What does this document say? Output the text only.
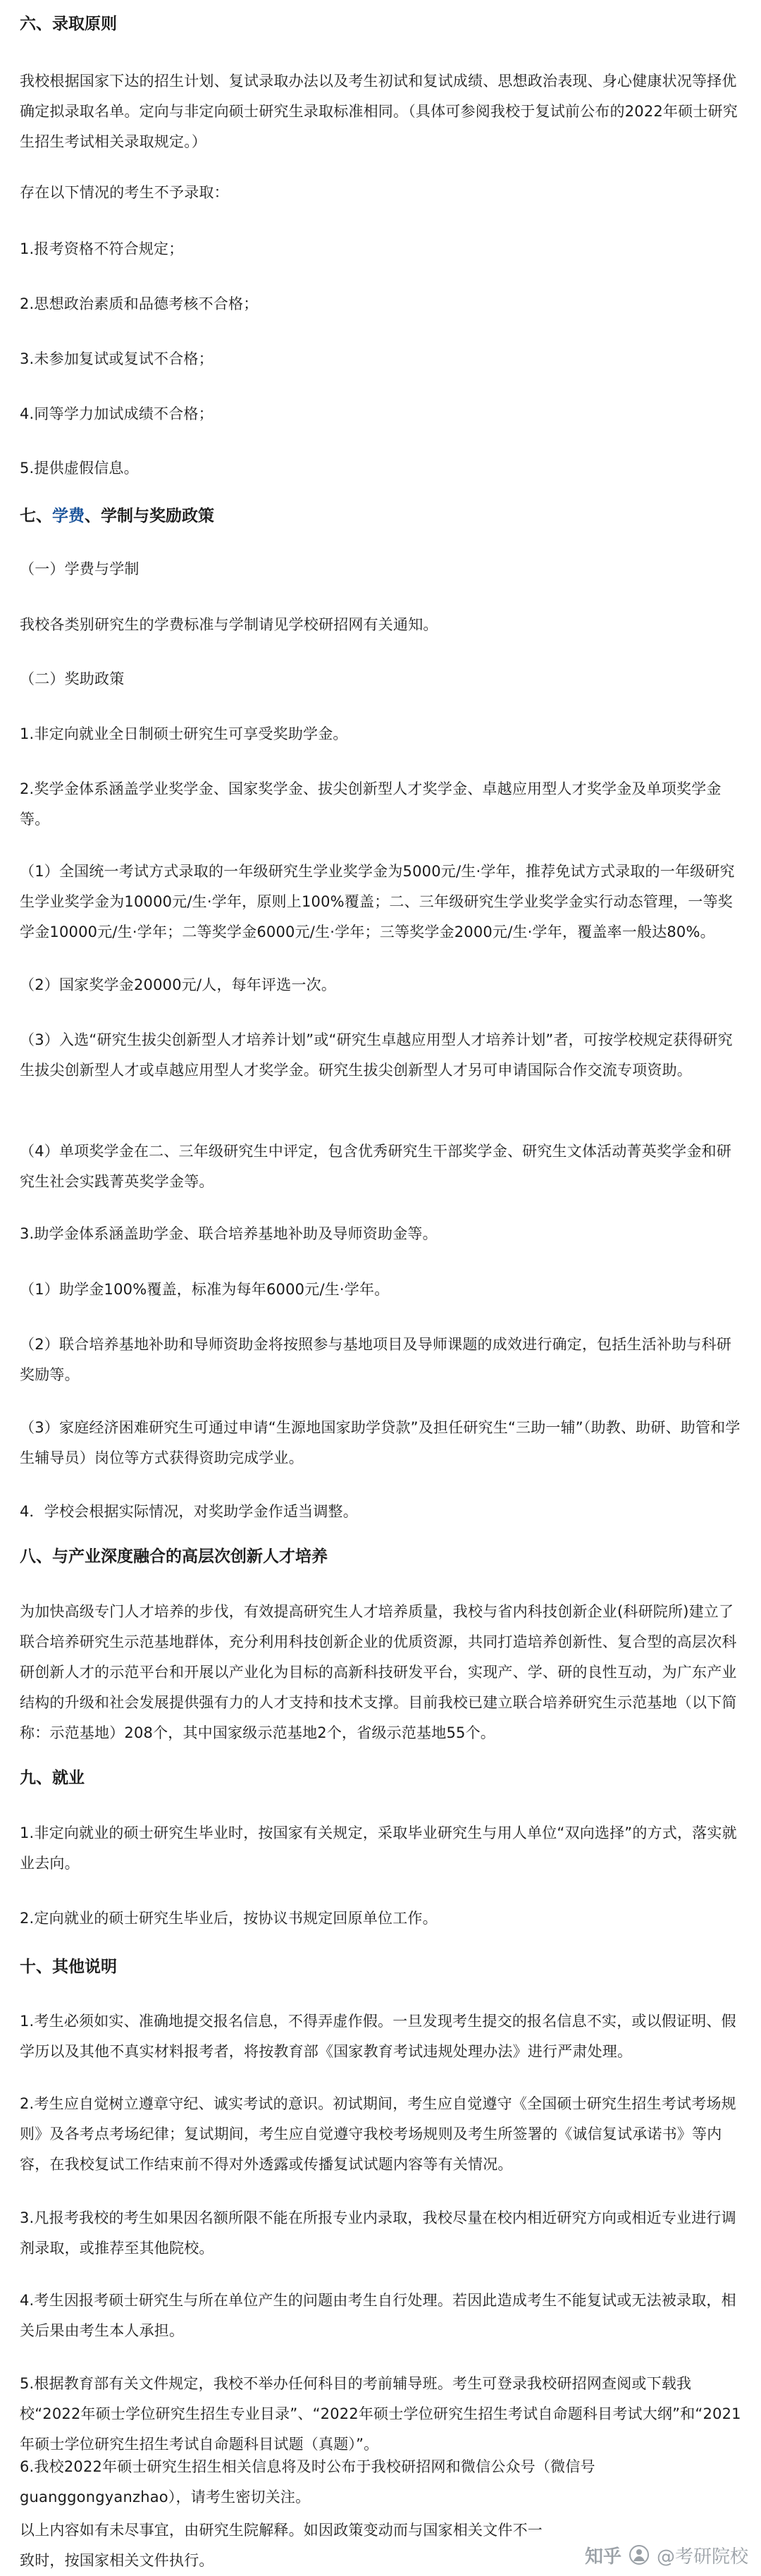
六、录取原则

我校根据国家下达的招生计划、复试录取办法以及考生初试和复试成绩、思想政治表现、身心健康状况等择优确定拟录取名单。定向与非定向硕士研究生录取标准相同。（具体可参阅我校于复试前公布的2022年硕士研究生招生考试相关录取规定。）

存在以下情况的考生不予录取：

1.报考资格不符合规定；

2.思想政治素质和品德考核不合格；

3.未参加复试或复试不合格；

4.同等学力加试成绩不合格；

5.提供虚假信息。

七、学费、学制与奖励政策

（一）学费与学制

我校各类别研究生的学费标准与学制请见学校研招网有关通知。

（二）奖助政策

1.非定向就业全日制硕士研究生可享受奖助学金。

2.奖学金体系涵盖学业奖学金、国家奖学金、拔尖创新型人才奖学金、卓越应用型人才奖学金及单项奖学金等。

（1）全国统一考试方式录取的一年级研究生学业奖学金为5000元/生·学年，推荐免试方式录取的一年级研究生学业奖学金为10000元/生·学年，原则上100%覆盖；二、三年级研究生学业奖学金实行动态管理，一等奖学金10000元/生·学年；二等奖学金6000元/生·学年；三等奖学金2000元/生·学年，覆盖率一般达80%。

（2）国家奖学金20000元/人，每年评选一次。

（3）入选“研究生拔尖创新型人才培养计划”或“研究生卓越应用型人才培养计划”者，可按学校规定获得研究生拔尖创新型人才或卓越应用型人才奖学金。研究生拔尖创新型人才另可申请国际合作交流专项资助。

（4）单项奖学金在二、三年级研究生中评定，包含优秀研究生干部奖学金、研究生文体活动菁英奖学金和研究生社会实践菁英奖学金等。

3.助学金体系涵盖助学金、联合培养基地补助及导师资助金等。

（1）助学金100%覆盖，标准为每年6000元/生·学年。

（2）联合培养基地补助和导师资助金将按照参与基地项目及导师课题的成效进行确定，包括生活补助与科研奖励等。

（3）家庭经济困难研究生可通过申请“生源地国家助学贷款”及担任研究生“三助一辅”（助教、助研、助管和学生辅导员）岗位等方式获得资助完成学业。

4．学校会根据实际情况，对奖助学金作适当调整。

八、与产业深度融合的高层次创新人才培养

为加快高级专门人才培养的步伐，有效提高研究生人才培养质量，我校与省内科技创新企业(科研院所)建立了联合培养研究生示范基地群体，充分利用科技创新企业的优质资源，共同打造培养创新性、复合型的高层次科研创新人才的示范平台和开展以产业化为目标的高新科技研发平台，实现产、学、研的良性互动，为广东产业结构的升级和社会发展提供强有力的人才支持和技术支撑。目前我校已建立联合培养研究生示范基地（以下简称：示范基地）208个，其中国家级示范基地2个，省级示范基地55个。

九、就业

1.非定向就业的硕士研究生毕业时，按国家有关规定，采取毕业研究生与用人单位“双向选择”的方式，落实就业去向。

2.定向就业的硕士研究生毕业后，按协议书规定回原单位工作。

十、其他说明

1.考生必须如实、准确地提交报名信息，不得弄虚作假。一旦发现考生提交的报名信息不实，或以假证明、假学历以及其他不真实材料报考者，将按教育部《国家教育考试违规处理办法》进行严肃处理。

2.考生应自觉树立遵章守纪、诚实考试的意识。初试期间，考生应自觉遵守《全国硕士研究生招生考试考场规则》及各考点考场纪律；复试期间，考生应自觉遵守我校考场规则及考生所签署的《诚信复试承诺书》等内容，在我校复试工作结束前不得对外透露或传播复试试题内容等有关情况。

3.凡报考我校的考生如果因名额所限不能在所报专业内录取，我校尽量在校内相近研究方向或相近专业进行调剂录取，或推荐至其他院校。

4.考生因报考硕士研究生与所在单位产生的问题由考生自行处理。若因此造成考生不能复试或无法被录取，相关后果由考生本人承担。

5.根据教育部有关文件规定，我校不举办任何科目的考前辅导班。考生可登录我校研招网查阅或下载我校“2022年硕士学位研究生招生专业目录”、“2022年硕士学位研究生招生考试自命题科目考试大纲”和“2021年硕士学位研究生招生考试自命题科目试题（真题）”。

6.我校2022年硕士研究生招生相关信息将及时公布于我校研招网和微信公众号（微信号guanggongyanzhao），请考生密切关注。

以上内容如有未尽事宜，由研究生院解释。如因政策变动而与国家相关文件不一致时，按国家相关文件执行。	知乎 @考研院校
